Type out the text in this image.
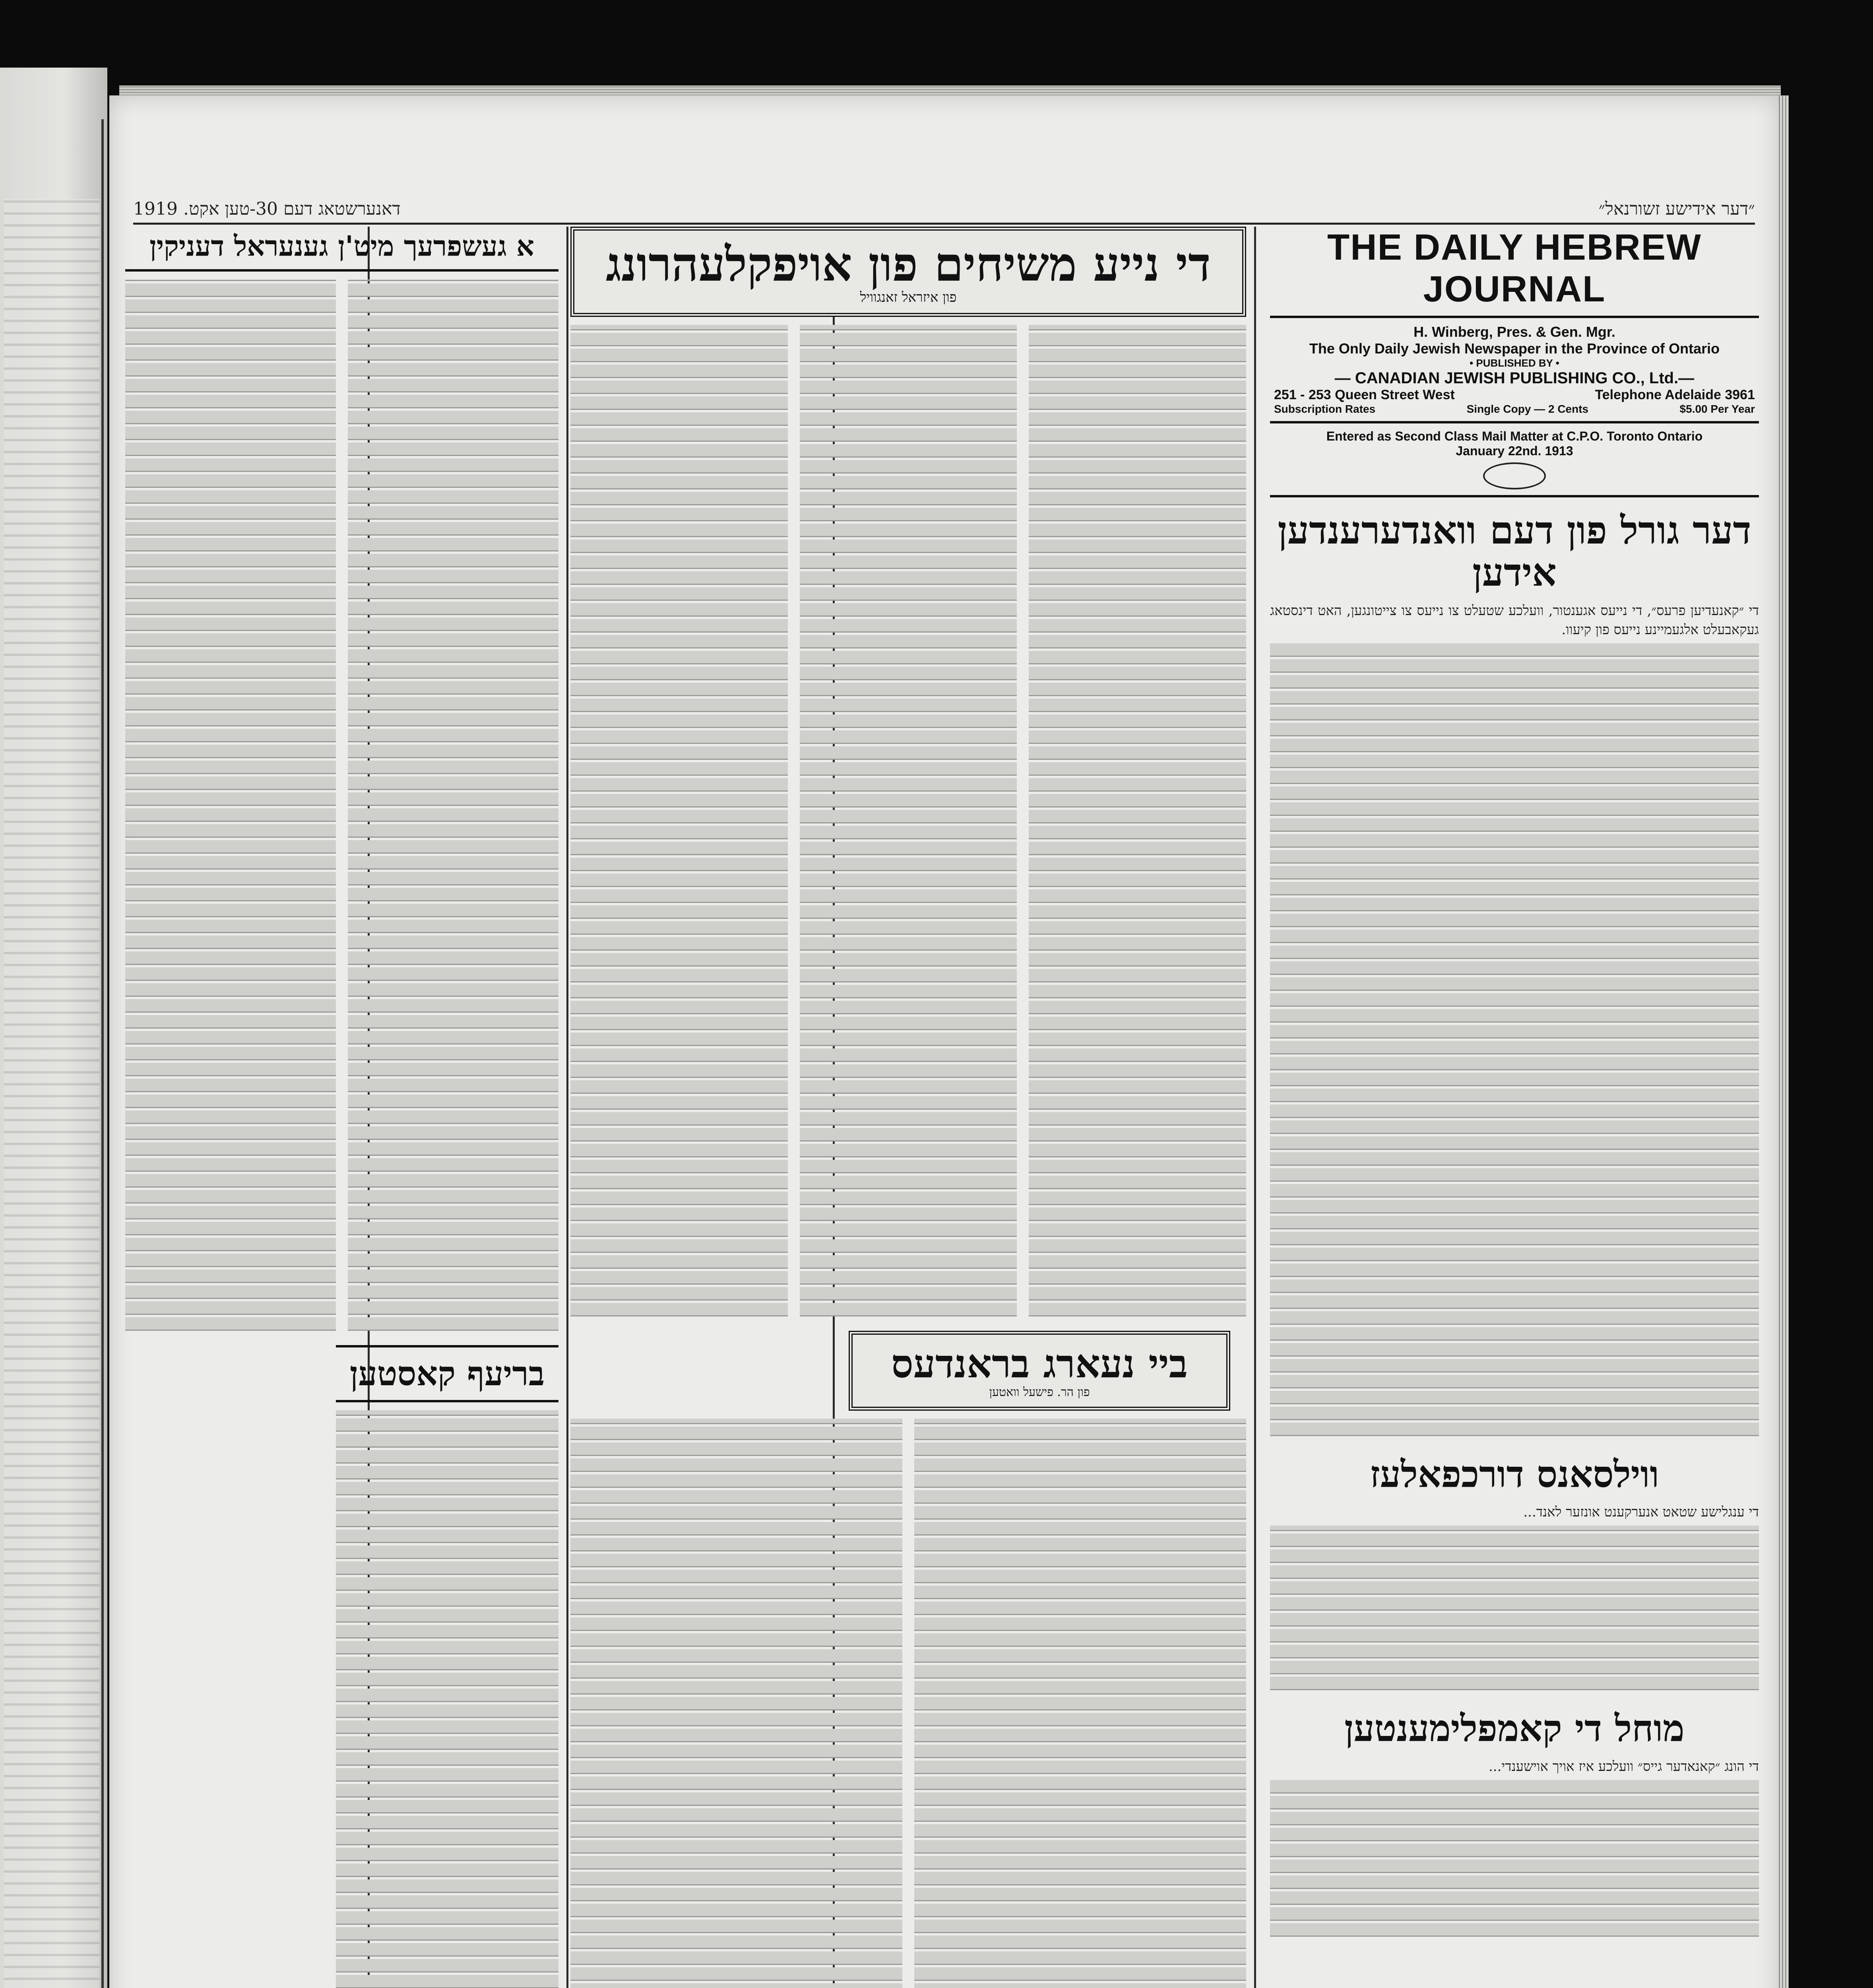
״דער אידישע זשורנאל״
דאנערשטאג דעם 30-טען אקט. 1919
THE DAILY HEBREW JOURNAL
H. Winberg, Pres. & Gen. Mgr.
The Only Daily Jewish Newspaper in the Province of Ontario
• PUBLISHED BY •
— CANADIAN JEWISH PUBLISHING CO., Ltd.—
251 - 253 Queen Street West	Telephone Adelaide 3961
Subscription Rates	Single Copy — 2 Cents	$5.00 Per Year
Entered as Second Class Mail Matter at C.P.O. Toronto Ontario
January 22nd. 1913
דער גורל פון דעם וואנדערענדען אידען

די ״קאנעדיען פרעס״, די נייעס אגענטור, וועלכע שטעלט צו נייעס צו צייטונגען, האט דינסטאג געקאבעלט אלגעמיינע נייעס פון קיעוו.

ווילסאנס דורכפאלעז

די ענגלישע שטאט אנערקענט אונזער לאנד...

מוחל די קאמפלימענטען

די הונג ״קאנאדער גייס״ וועלכע איז אויך אוישענדי...

די נייע משיחים פון אויפקלעהרונג
פון איזראל זאנגוויל
ביי נעארג בראנדעס
פון הר. פישעל וואטען
א געשפרעך מיט'ן גענעראל דעניקין
בריעף קאסטען
